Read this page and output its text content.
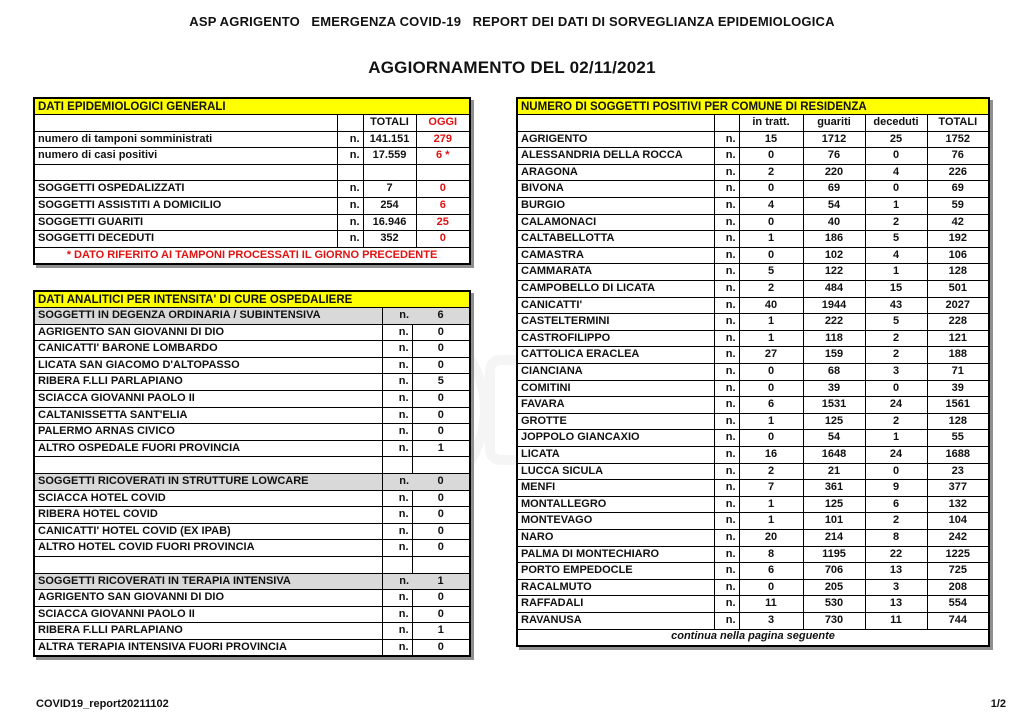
ASP AGRIGENTO   EMERGENZA COVID-19   REPORT DEI DATI DI SORVEGLIANZA EPIDEMIOLOGICA
AGGIORNAMENTO DEL 02/11/2021
DATI EPIDEMIOLOGICI GENERALI			
		TOTALI	OGGI
numero di tamponi somministrati	n.	141.151	279
numero di casi positivi	n.	17.559	6 *

SOGGETTI OSPEDALIZZATI	n.	7	0
SOGGETTI ASSISTITI A DOMICILIO	n.	254	6
SOGGETTI GUARITI	n.	16.946	25
SOGGETTI DECEDUTI	n.	352	0
* DATO RIFERITO AI TAMPONI PROCESSATI IL GIORNO PRECEDENTE			
DATI ANALITICI PER INTENSITA' DI CURE OSPEDALIERE		
SOGGETTI IN DEGENZA ORDINARIA / SUBINTENSIVA	n.	6
AGRIGENTO SAN GIOVANNI DI DIO	n.	0
CANICATTI' BARONE LOMBARDO	n.	0
LICATA SAN GIACOMO D'ALTOPASSO	n.	0
RIBERA F.LLI PARLAPIANO	n.	5
SCIACCA GIOVANNI PAOLO II	n.	0
CALTANISSETTA SANT'ELIA	n.	0
PALERMO ARNAS CIVICO	n.	0
ALTRO OSPEDALE FUORI PROVINCIA	n.	1

SOGGETTI RICOVERATI IN STRUTTURE LOWCARE	n.	0
SCIACCA HOTEL COVID	n.	0
RIBERA HOTEL COVID	n.	0
CANICATTI' HOTEL COVID (EX IPAB)	n.	0
ALTRO HOTEL COVID FUORI PROVINCIA	n.	0

SOGGETTI RICOVERATI IN TERAPIA INTENSIVA	n.	1
AGRIGENTO SAN GIOVANNI DI DIO	n.	0
SCIACCA GIOVANNI PAOLO II	n.	0
RIBERA F.LLI PARLAPIANO	n.	1
ALTRA TERAPIA INTENSIVA FUORI PROVINCIA	n.	0
NUMERO DI SOGGETTI POSITIVI PER COMUNE DI RESIDENZA					
		in tratt.	guariti	deceduti	TOTALI
AGRIGENTO	n.	15	1712	25	1752
ALESSANDRIA DELLA ROCCA	n.	0	76	0	76
ARAGONA	n.	2	220	4	226
BIVONA	n.	0	69	0	69
BURGIO	n.	4	54	1	59
CALAMONACI	n.	0	40	2	42
CALTABELLOTTA	n.	1	186	5	192
CAMASTRA	n.	0	102	4	106
CAMMARATA	n.	5	122	1	128
CAMPOBELLO DI LICATA	n.	2	484	15	501
CANICATTI'	n.	40	1944	43	2027
CASTELTERMINI	n.	1	222	5	228
CASTROFILIPPO	n.	1	118	2	121
CATTOLICA ERACLEA	n.	27	159	2	188
CIANCIANA	n.	0	68	3	71
COMITINI	n.	0	39	0	39
FAVARA	n.	6	1531	24	1561
GROTTE	n.	1	125	2	128
JOPPOLO GIANCAXIO	n.	0	54	1	55
LICATA	n.	16	1648	24	1688
LUCCA SICULA	n.	2	21	0	23
MENFI	n.	7	361	9	377
MONTALLEGRO	n.	1	125	6	132
MONTEVAGO	n.	1	101	2	104
NARO	n.	20	214	8	242
PALMA DI MONTECHIARO	n.	8	1195	22	1225
PORTO EMPEDOCLE	n.	6	706	13	725
RACALMUTO	n.	0	205	3	208
RAFFADALI	n.	11	530	13	554
RAVANUSA	n.	3	730	11	744
continua nella pagina seguente					
COVID19_report20211102	1/2
